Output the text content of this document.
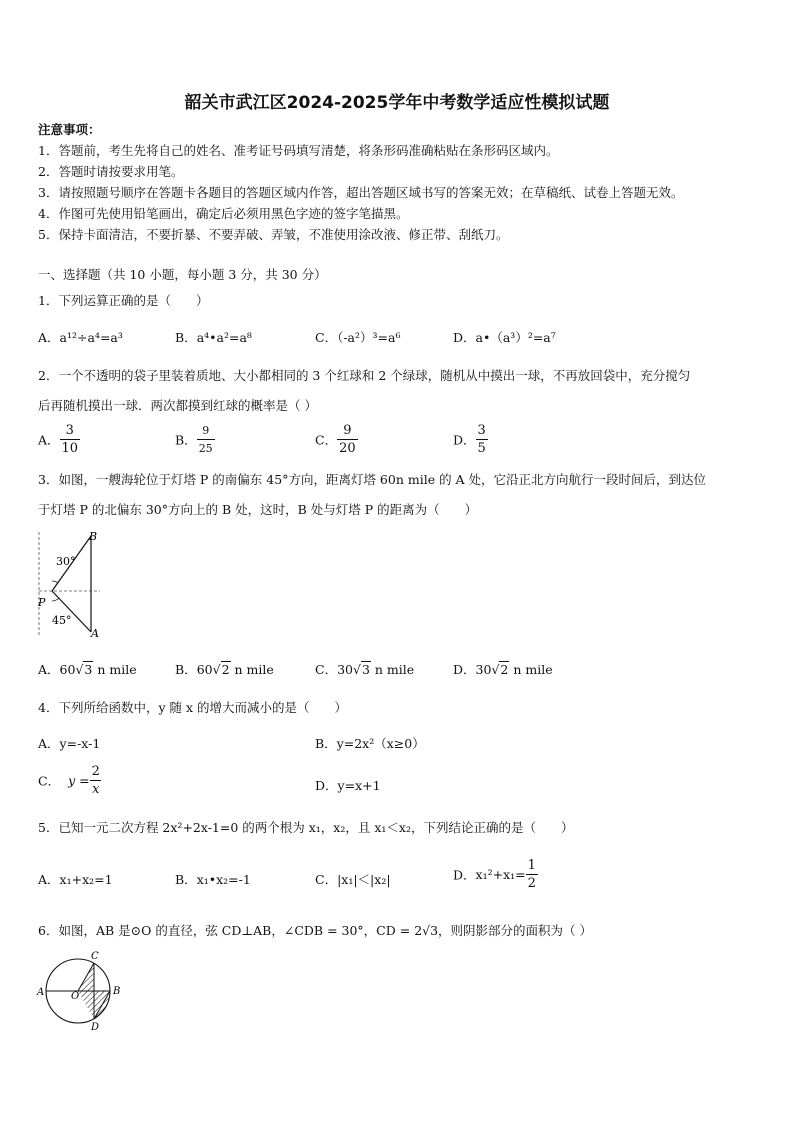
韶关市武江区2024-2025学年中考数学适应性模拟试题
注意事项：
1．答题前，考生先将自己的姓名、准考证号码填写清楚，将条形码准确粘贴在条形码区域内。
2．答题时请按要求用笔。
3．请按照题号顺序在答题卡各题目的答题区域内作答，超出答题区域书写的答案无效；在草稿纸、试卷上答题无效。
4．作图可先使用铅笔画出，确定后必须用黑色字迹的签字笔描黑。
5．保持卡面清洁，不要折暴、不要弄破、弄皱，不准使用涂改液、修正带、刮纸刀。
一、选择题（共 10 小题，每小题 3 分，共 30 分）
1．下列运算正确的是（　　）
A．a¹²÷a⁴=a³	B．a⁴•a²=a⁸	C．（-a²）³=a⁶	D．a•（a³）²=a⁷
2．一个不透明的袋子里装着质地、大小都相同的 3 个红球和 2 个绿球，随机从中摸出一球，不再放回袋中，充分搅匀
后再随机摸出一球．两次都摸到红球的概率是（ ）
A． $\frac{3}{10}$	B． $\frac{9}{25}$	C． $\frac{9}{20}$	D． $\frac{3}{5}$
3．如图，一艘海轮位于灯塔 P 的南偏东 45°方向，距离灯塔 60n mile 的 A 处，它沿正北方向航行一段时间后，到达位
于灯塔 P 的北偏东 30°方向上的 B 处，这时，B 处与灯塔 P 的距离为（　　）
B
30°
P
45°
A
A．60√3 n mile	B．60√2 n mile	C．30√3 n mile	D．30√2 n mile
4．下列所给函数中，y 随 x 的增大而减小的是（　　）
A．y=-x-1	B．y=2x²（x≥0）
C． $y = \frac{2}{x}$	D．y=x+1
5．已知一元二次方程 2x²+2x-1=0 的两个根为 x₁，x₂，且 x₁＜x₂，下列结论正确的是（　　）
A．x₁+x₂=1	B．x₁•x₂=-1	C．|x₁|＜|x₂|	D．$x_1^2+x_1= \frac{1}{2}$
6．如图，AB 是⊙O 的直径，弦 CD⊥AB，∠CDB = 30°，CD = 2√3，则阴影部分的面积为（ ）
A	B
C
D
O
